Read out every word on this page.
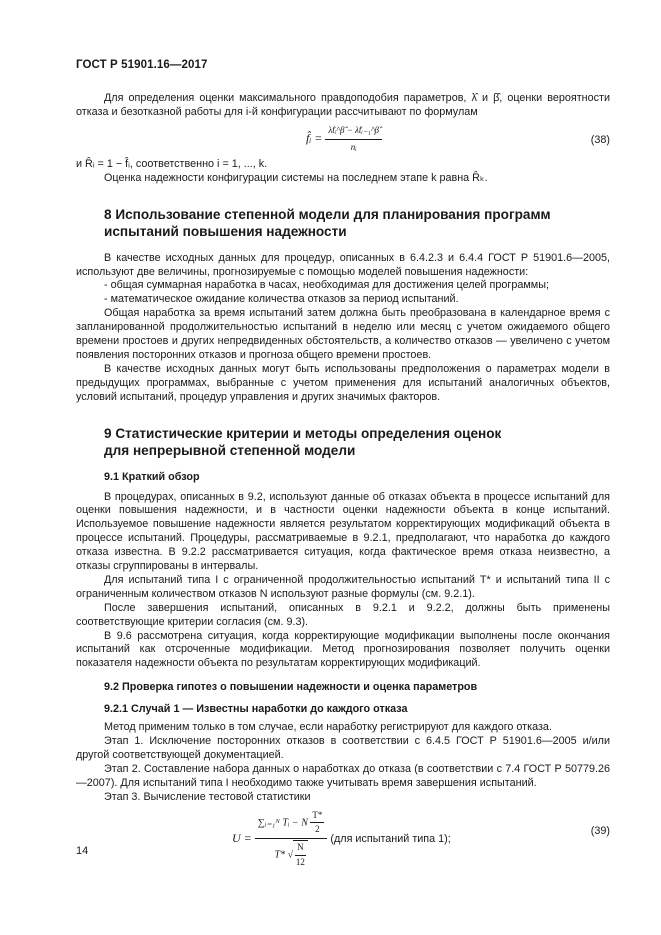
ГОСТ Р 51901.16—2017

Для определения оценки максимального правдоподобия параметров, λ̂ и β̂, оценки вероятности отказа и безотказной работы для i-й конфигурации рассчитывают по формулам

f̂ᵢ = $\frac{\text{λ̂tᵢ\textasciicircum{}β̂ − λ̂tᵢ₋₁\textasciicircum{}β̂}}{\text{nᵢ}}$	(38)

и R̂ᵢ = 1 − f̂ᵢ, соответственно i = 1, ..., k.

Оценка надежности конфигурации системы на последнем этапе k равна R̂ₖ.

8 Использование степенной модели для планирования программ
испытаний повышения надежности

В качестве исходных данных для процедур, описанных в 6.4.2.3 и 6.4.4 ГОСТ Р 51901.6—2005, используют две величины, прогнозируемые с помощью моделей повышения надежности:

- общая суммарная наработка в часах, необходимая для достижения целей программы;

- математическое ожидание количества отказов за период испытаний.

Общая наработка за время испытаний затем должна быть преобразована в календарное время с запланированной продолжительностью испытаний в неделю или месяц с учетом ожидаемого общего времени простоев и других непредвиденных обстоятельств, а количество отказов — увеличено с учетом появления посторонних отказов и прогноза общего времени простоев.

В качестве исходных данных могут быть использованы предположения о параметрах модели в предыдущих программах, выбранные с учетом применения для испытаний аналогичных объектов, условий испытаний, процедур управления и других значимых факторов.

9 Статистические критерии и методы определения оценок
для непрерывной степенной модели
9.1 Краткий обзор

В процедурах, описанных в 9.2, используют данные об отказах объекта в процессе испытаний для оценки повышения надежности, и в частности оценки надежности объекта в конце испытаний. Используемое повышение надежности является результатом корректирующих модификаций объекта в процессе испытаний. Процедуры, рассматриваемые в 9.2.1, предполагают, что наработка до каждого отказа известна. В 9.2.2 рассматривается ситуация, когда фактическое время отказа неизвестно, а отказы сгруппированы в интервалы.

Для испытаний типа I с ограниченной продолжительностью испытаний T* и испытаний типа II с ограниченным количеством отказов N используют разные формулы (см. 9.2.1).

После завершения испытаний, описанных в 9.2.1 и 9.2.2, должны быть применены соответствующие критерии согласия (см. 9.3).

В 9.6 рассмотрена ситуация, когда корректирующие модификации выполнены после окончания испытаний как отсроченные модификации. Метод прогнозирования позволяет получить оценки показателя надежности объекта по результатам корректирующих модификаций.

9.2 Проверка гипотез о повышении надежности и оценка параметров
9.2.1 Случай 1 — Известны наработки до каждого отказа

Метод применим только в том случае, если наработку регистрируют для каждого отказа.

Этап 1. Исключение посторонних отказов в соответствии с 6.4.5 ГОСТ Р 51901.6—2005 и/или другой соответствующей документацией.

Этап 2. Составление набора данных о наработках до отказа (в соответствии с 7.4 ГОСТ Р 50779.26—2007). Для испытаний типа I необходимо также учитывать время завершения испытаний.

Этап 3. Вычисление тестовой статистики

U =
∑ᵢ₌₁ᴺ Tᵢ − N $\frac{T*}{2}$
T* √ $\frac{N}{12}$
(для испытаний типа 1);
(39)
14
